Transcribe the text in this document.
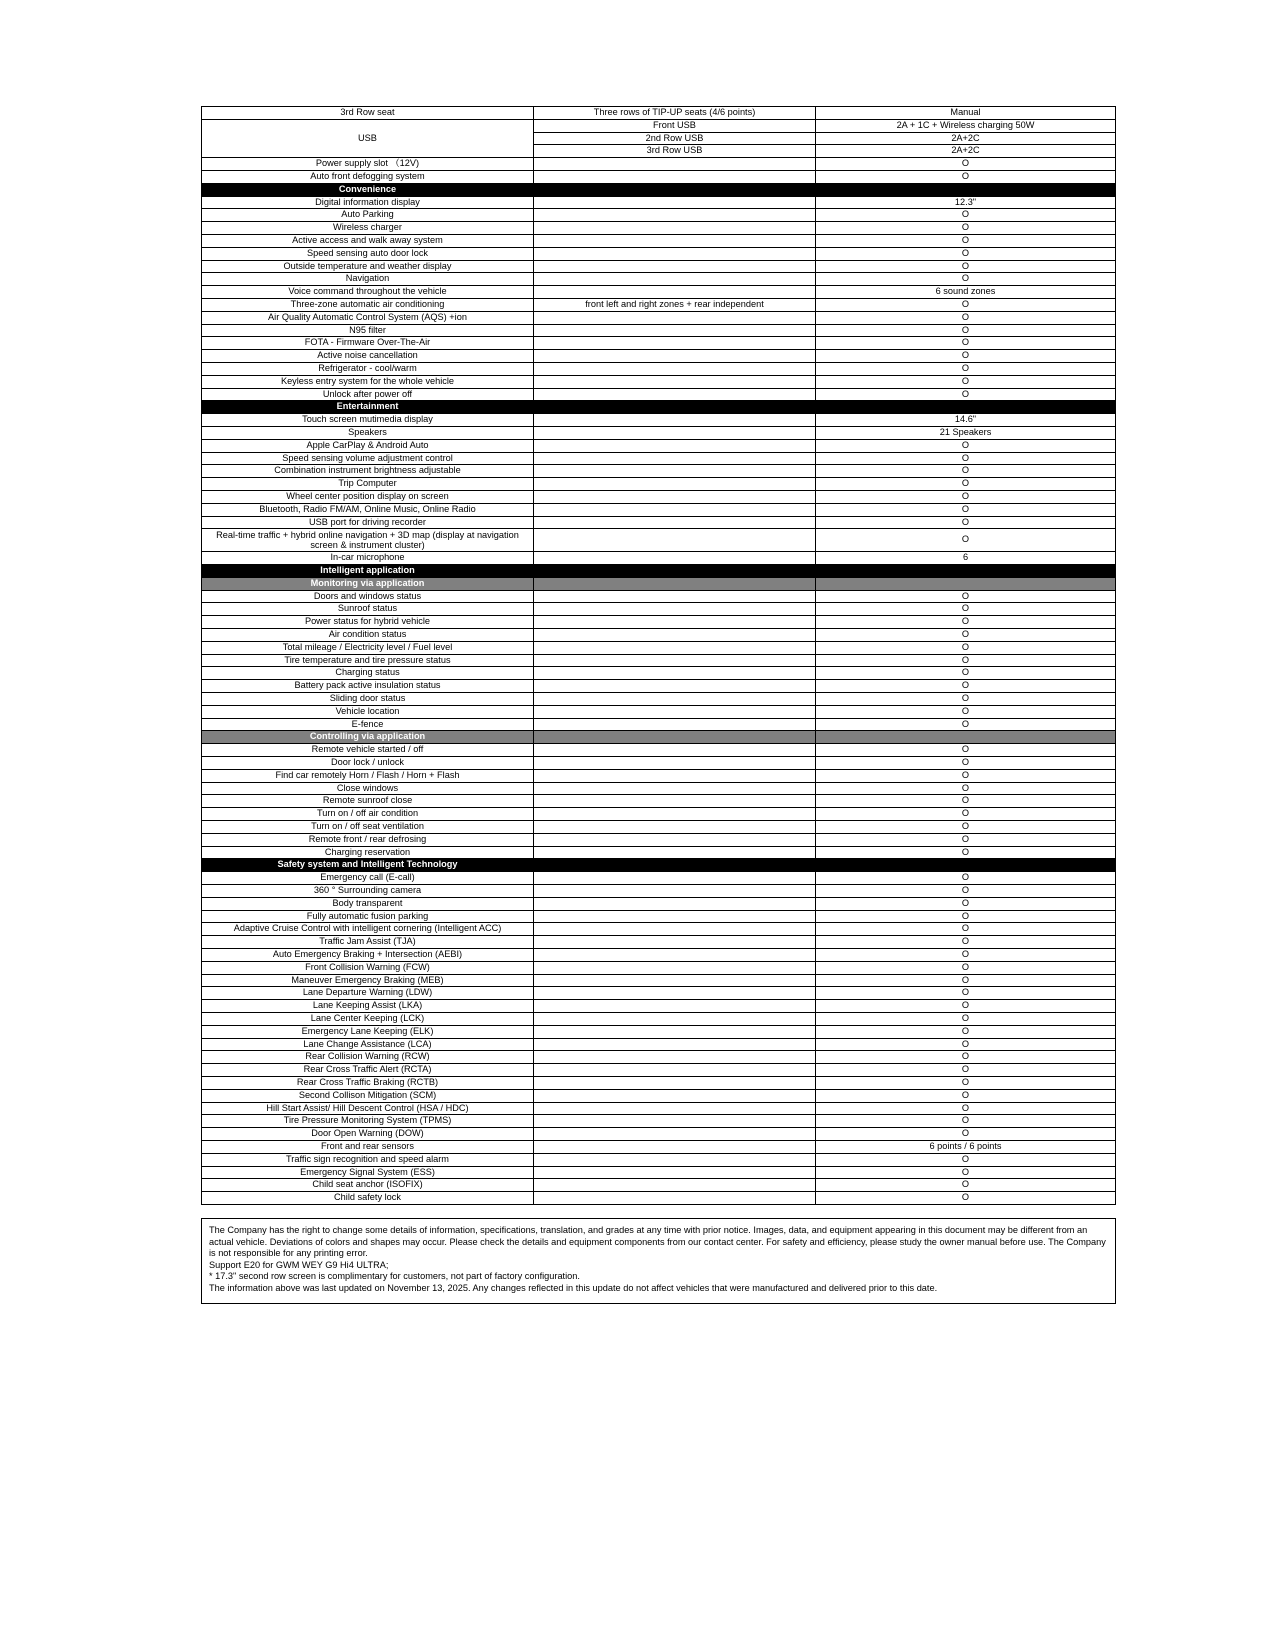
3rd Row seat	Three rows of TIP-UP seats (4/6 points)	Manual
USB	Front USB	2A + 1C + Wireless charging 50W
	2nd Row USB	2A+2C
	3rd Row USB	2A+2C
Power supply slot （12V)		O
Auto front defogging system		O
Convenience		
Digital information display		12.3"
Auto Parking		O
Wireless charger		O
Active access and walk away system		O
Speed sensing auto door lock		O
Outside temperature and weather display		O
Navigation		O
Voice command throughout the vehicle		6 sound zones
Three-zone automatic air conditioning	front left and right zones + rear independent	O
Air Quality Automatic Control System (AQS) +ion		O
N95 filter		O
FOTA - Firmware Over-The-Air		O
Active noise cancellation		O
Refrigerator - cool/warm		O
Keyless entry system for the whole vehicle		O
Unlock after power off		O
Entertainment		
Touch screen mutimedia display		14.6"
Speakers		21 Speakers
Apple CarPlay & Android Auto		O
Speed sensing volume adjustment control		O
Combination instrument brightness adjustable		O
Trip Computer		O
Wheel center position display on screen		O
Bluetooth, Radio FM/AM, Online Music, Online Radio		O
USB port for driving recorder		O
Real-time traffic + hybrid online navigation + 3D map (display at navigation screen & instrument cluster)		O
In-car microphone		6
Intelligent application		
Monitoring via application		
Doors and windows status		O
Sunroof status		O
Power status for hybrid vehicle		O
Air condition status		O
Total mileage / Electricity level / Fuel level		O
Tire temperature and tire pressure status		O
Charging status		O
Battery pack active insulation status		O
Sliding door status		O
Vehicle location		O
E-fence		O
Controlling via application		
Remote vehicle started / off		O
Door lock / unlock		O
Find car remotely Horn / Flash / Horn + Flash		O
Close windows		O
Remote sunroof close		O
Turn on / off air condition		O
Turn on / off seat ventilation		O
Remote front / rear defrosing		O
Charging reservation		O
Safety system and Intelligent Technology		
Emergency call (E-call)		O
360 ° Surrounding camera		O
Body transparent		O
Fully automatic fusion parking		O
Adaptive Cruise Control with intelligent cornering (Intelligent ACC)		O
Traffic Jam Assist (TJA)		O
Auto Emergency Braking + Intersection (AEBI)		O
Front Collision Warning (FCW)		O
Maneuver Emergency Braking (MEB)		O
Lane Departure Warning (LDW)		O
Lane Keeping Assist (LKA)		O
Lane Center Keeping (LCK)		O
Emergency Lane Keeping (ELK)		O
Lane Change Assistance (LCA)		O
Rear Collision Warning (RCW)		O
Rear Cross Traffic Alert (RCTA)		O
Rear Cross Traffic Braking (RCTB)		O
Second Collison Mitigation (SCM)		O
Hill Start Assist/ Hill Descent Control (HSA / HDC)		O
Tire Pressure Monitoring System (TPMS)		O
Door Open Warning (DOW)		O
Front and rear sensors		6 points / 6 points
Traffic sign recognition and speed alarm		O
Emergency Signal System (ESS)		O
Child seat anchor (ISOFIX)		O
Child safety lock		O

The Company has the right to change some details of information, specifications, translation, and grades at any time with prior notice. Images, data, and equipment appearing in this document may be different from an actual vehicle. Deviations of colors and shapes may occur. Please check the details and equipment components from our contact center. For safety and efficiency, please study the owner manual before use. The Company is not responsible for any printing error.

Support E20 for GWM WEY G9 Hi4 ULTRA;

* 17.3" second row screen is complimentary for customers, not part of factory configuration.

The information above was last updated on November 13, 2025. Any changes reflected in this update do not affect vehicles that were manufactured and delivered prior to this date.
